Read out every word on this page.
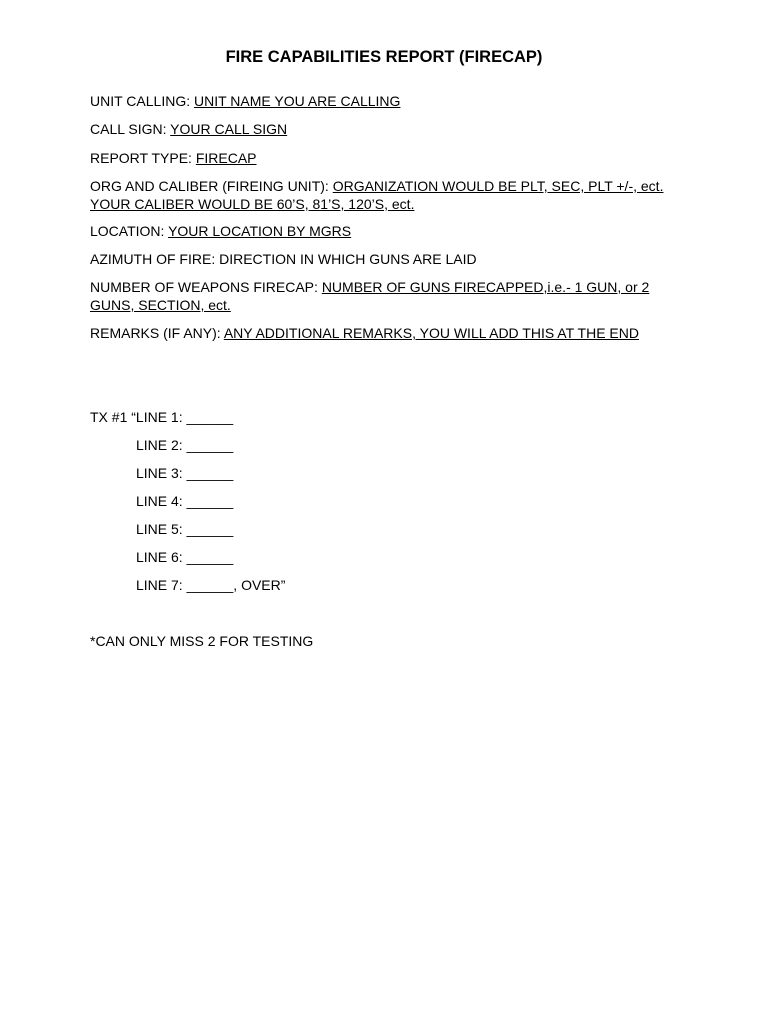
FIRE CAPABILITIES REPORT (FIRECAP)
UNIT CALLING: UNIT NAME YOU ARE CALLING
CALL SIGN: YOUR CALL SIGN
REPORT TYPE: FIRECAP
ORG AND CALIBER (FIREING UNIT): ORGANIZATION WOULD BE PLT, SEC, PLT +/-, ect. YOUR CALIBER WOULD BE 60’S, 81’S, 120’S, ect.
LOCATION: YOUR LOCATION BY MGRS
AZIMUTH OF FIRE: DIRECTION IN WHICH GUNS ARE LAID
NUMBER OF WEAPONS FIRECAP: NUMBER OF GUNS FIRECAPPED,i.e.- 1 GUN, or 2 GUNS, SECTION, ect.
REMARKS (IF ANY): ANY ADDITIONAL REMARKS, YOU WILL ADD THIS AT THE END
TX #1 “LINE 1: ______
LINE 2: ______
LINE 3: ______
LINE 4: ______
LINE 5: ______
LINE 6: ______
LINE 7: ______, OVER”
*CAN ONLY MISS 2 FOR TESTING
